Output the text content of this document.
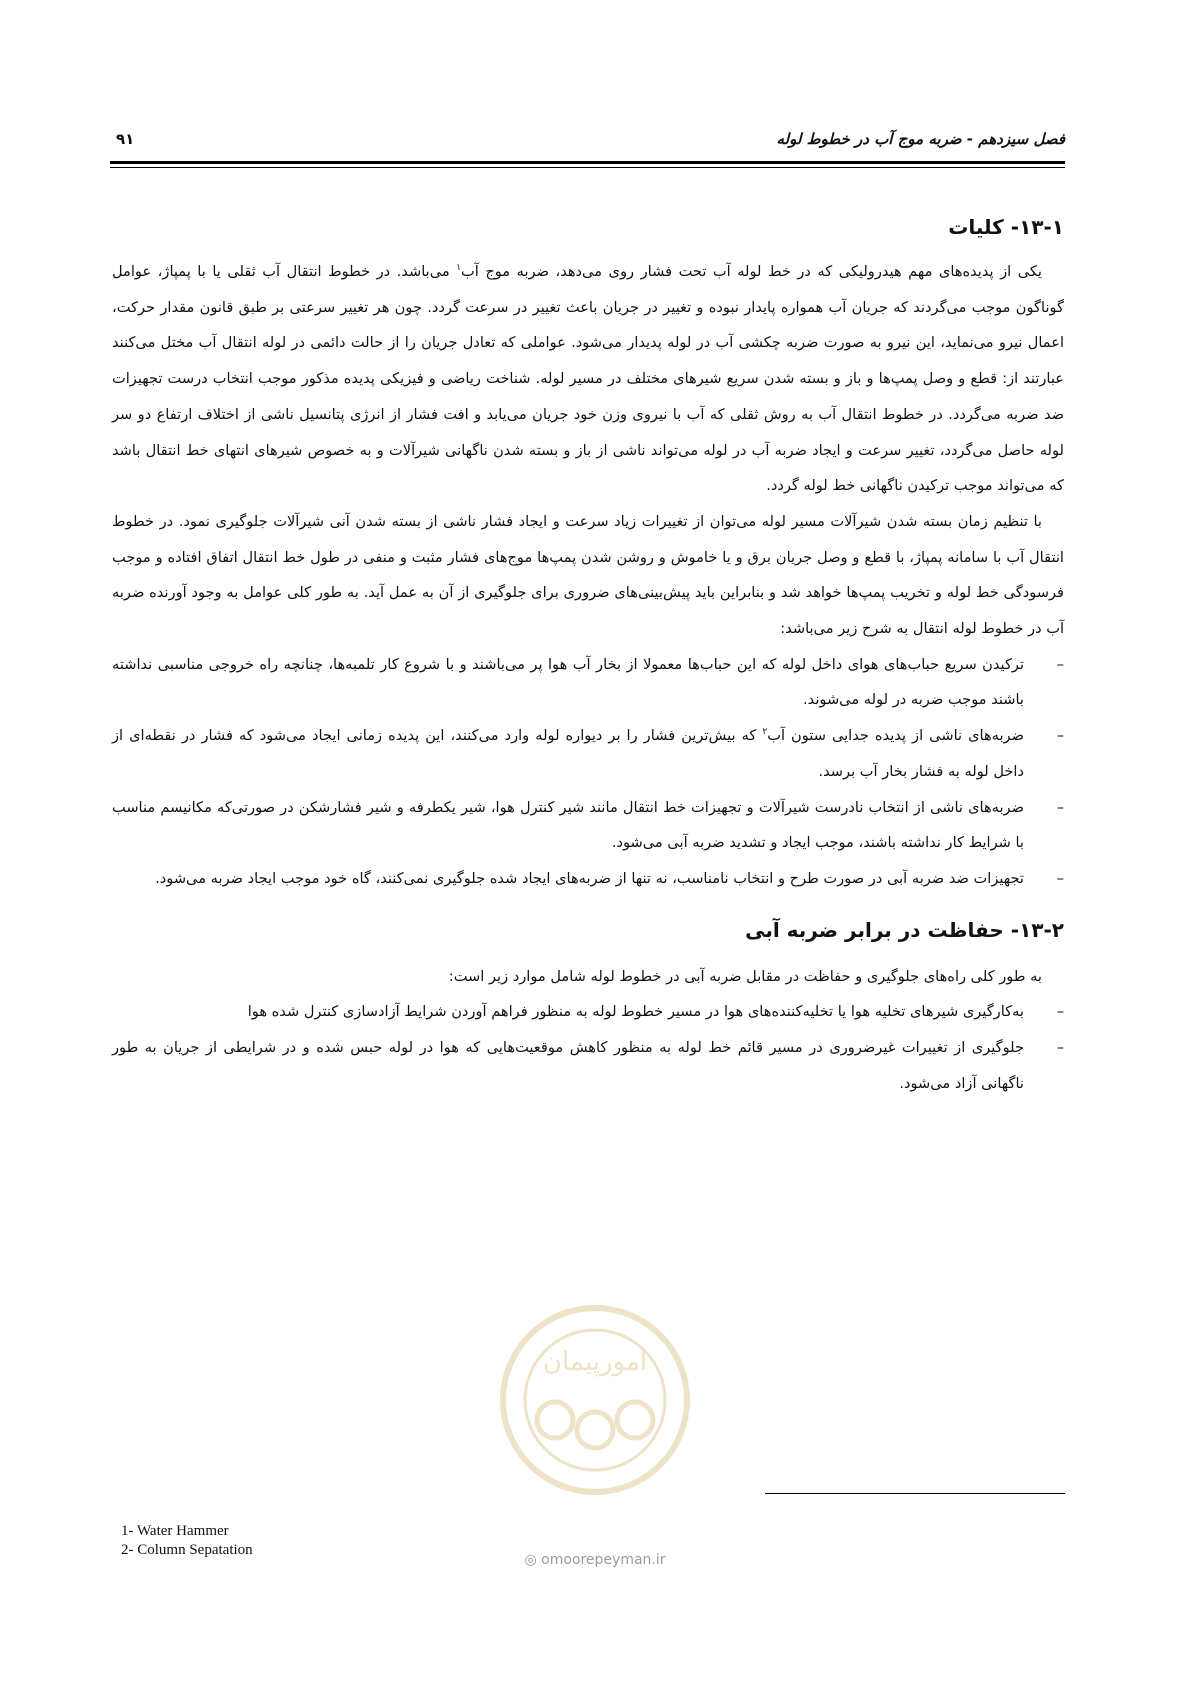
فصل سیزدهم - ضربه موج آب در خطوط لوله
۹۱
۱۳-۱- کلیات

یکی از پدیده‌های مهم هیدرولیکی که در خط لوله آب تحت فشار روی می‌دهد، ضربه موج آب$^۱$ می‌باشد. در خطوط انتقال آب ثقلی یا با پمپاژ، عوامل گوناگون موجب می‌گردند که جریان آب همواره پایدار نبوده و تغییر در جریان باعث تغییر در سرعت گردد. چون هر تغییر سرعتی بر طبق قانون مقدار حرکت، اعمال نیرو می‌نماید، این نیرو به صورت ضربه چکشی آب در لوله پدیدار می‌شود. عواملی که تعادل جریان را از حالت دائمی در لوله انتقال آب مختل می‌کنند عبارتند از: قطع و وصل پمپ‌ها و باز و بسته شدن سریع شیرهای مختلف در مسیر لوله. شناخت ریاضی و فیزیکی پدیده مذکور موجب انتخاب درست تجهیزات ضد ضربه می‌گردد. در خطوط انتقال آب به روش ثقلی که آب با نیروی وزن خود جریان می‌یابد و افت فشار از انرژی پتانسیل ناشی از اختلاف ارتفاع دو سر لوله حاصل می‌گردد، تغییر سرعت و ایجاد ضربه آب در لوله می‌تواند ناشی از باز و بسته شدن ناگهانی شیرآلات و به خصوص شیرهای انتهای خط انتقال باشد که می‌تواند موجب ترکیدن ناگهانی خط لوله گردد.

با تنظیم زمان بسته شدن شیرآلات مسیر لوله می‌توان از تغییرات زیاد سرعت و ایجاد فشار ناشی از بسته شدن آنی شیرآلات جلوگیری نمود. در خطوط انتقال آب با سامانه پمپاژ، با قطع و وصل جریان برق و یا خاموش و روشن شدن پمپ‌ها موج‌های فشار مثبت و منفی در طول خط انتقال اتفاق افتاده و موجب فرسودگی خط لوله و تخریب پمپ‌ها خواهد شد و بنابراین باید پیش‌بینی‌های ضروری برای جلوگیری از آن به عمل آید. به طور کلی عوامل به وجود آورنده ضربه آب در خطوط لوله انتقال به شرح زیر می‌باشد:

–
ترکیدن سریع حباب‌های هوای داخل لوله که این حباب‌ها معمولا از بخار آب هوا پر می‌باشند و با شروع کار تلمبه‌ها، چنانچه راه خروجی مناسبی نداشته باشند موجب ضربه در لوله می‌شوند.
–
ضربه‌های ناشی از پدیده جدایی ستون آب$^۲$ که بیش‌ترین فشار را بر دیواره لوله وارد می‌کنند، این پدیده زمانی ایجاد می‌شود که فشار در نقطه‌ای از داخل لوله به فشار بخار آب برسد.
–
ضربه‌های ناشی از انتخاب نادرست شیرآلات و تجهیزات خط انتقال مانند شیر کنترل هوا، شیر یکطرفه و شیر فشارشکن در صورتی‌که مکانیسم مناسب با شرایط کار نداشته باشند، موجب ایجاد و تشدید ضربه آبی می‌شود.
–
تجهیزات ضد ضربه آبی در صورت طرح و انتخاب نامناسب، نه تنها از ضربه‌های ایجاد شده جلوگیری نمی‌کنند، گاه خود موجب ایجاد ضربه می‌شود.
۱۳-۲- حفاظت در برابر ضربه آبی

به طور کلی راه‌های جلوگیری و حفاظت در مقابل ضربه آبی در خطوط لوله شامل موارد زیر است:

–
به‌کارگیری شیرهای تخلیه هوا یا تخلیه‌کننده‌های هوا در مسیر خطوط لوله به منظور فراهم آوردن شرایط آزادسازی کنترل شده هوا
–
جلوگیری از تغییرات غیرضروری در مسیر قائم خط لوله به منظور کاهش موقعیت‌هایی که هوا در لوله حبس شده و در شرایطی از جریان به طور ناگهانی آزاد می‌شود.
امورپیمان
◎ omoorepeyman.ir
1- Water Hammer
2- Column Sepatation
